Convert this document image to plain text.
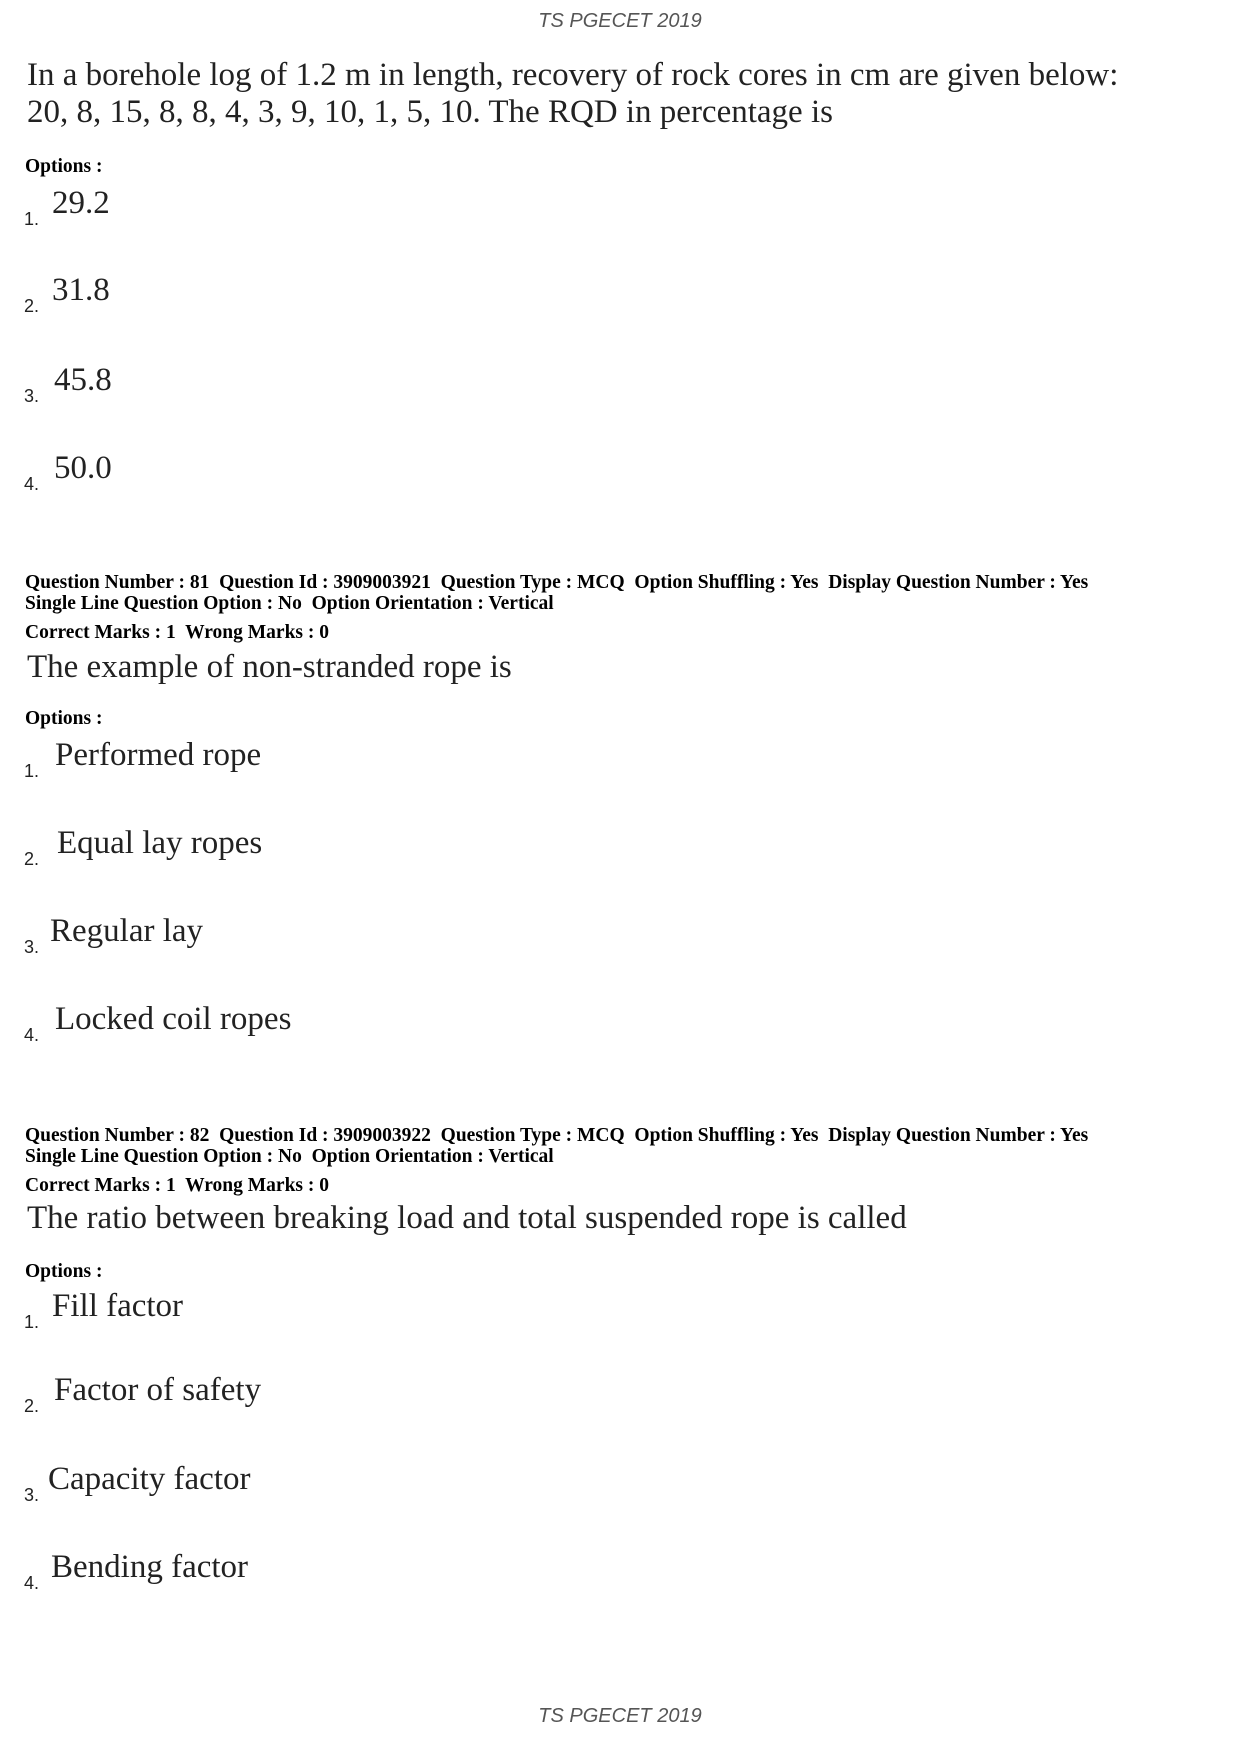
TS PGECET 2019
In a borehole log of 1.2 m in length, recovery of rock cores in cm are given below:
20, 8, 15, 8, 8, 4, 3, 9, 10, 1, 5, 10. The RQD in percentage is
Options :
1. 29.2
2. 31.8
3. 45.8
4. 50.0
Question Number : 81  Question Id : 3909003921  Question Type : MCQ  Option Shuffling : Yes  Display Question Number : Yes
Single Line Question Option : No  Option Orientation : Vertical
Correct Marks : 1  Wrong Marks : 0
The example of non-stranded rope is
Options :
1. Performed rope
2. Equal lay ropes
3. Regular lay
4. Locked coil ropes
Question Number : 82  Question Id : 3909003922  Question Type : MCQ  Option Shuffling : Yes  Display Question Number : Yes
Single Line Question Option : No  Option Orientation : Vertical
Correct Marks : 1  Wrong Marks : 0
The ratio between breaking load and total suspended rope is called
Options :
1. Fill factor
2. Factor of safety
3. Capacity factor
4. Bending factor
TS PGECET 2019
